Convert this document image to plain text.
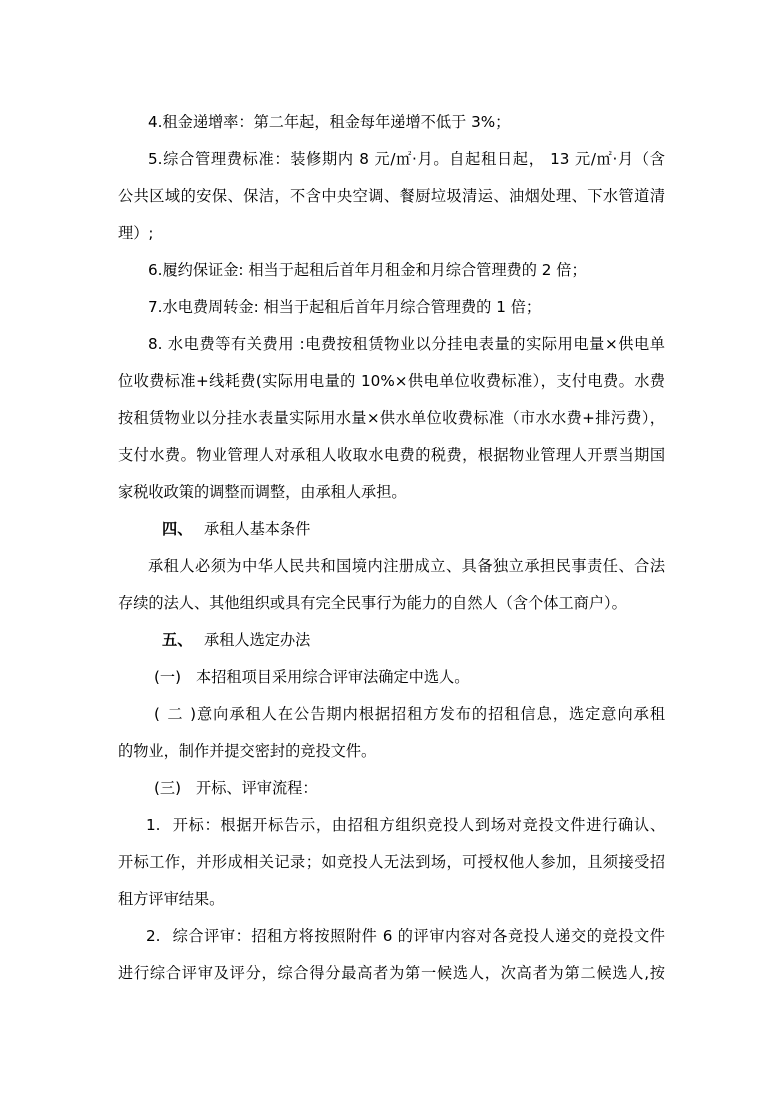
4.租金递增率：第二年起，租金每年递增不低于 3%；
5.综合管理费标准：装修期内 8 元/㎡·月。自起租日起， 13 元/㎡·月（含
公共区域的安保、保洁，不含中央空调、餐厨垃圾清运、油烟处理、下水管道清
理）;
6.履约保证金: 相当于起租后首年月租金和月综合管理费的 2 倍；
7.水电费周转金: 相当于起租后首年月综合管理费的 1 倍；
8. 水电费等有关费用 :电费按租赁物业以分挂电表量的实际用电量×供电单
位收费标准+线耗费(实际用电量的 10%×供电单位收费标准），支付电费。水费
按租赁物业以分挂水表量实际用水量×供水单位收费标准（市水水费+排污费），
支付水费。物业管理人对承租人收取水电费的税费，根据物业管理人开票当期国
家税收政策的调整而调整，由承租人承担。
四、 承租人基本条件
承租人必须为中华人民共和国境内注册成立、具备独立承担民事责任、合法
存续的法人、其他组织或具有完全民事行为能力的自然人（含个体工商户）。
五、 承租人选定办法
(一) 本招租项目采用综合评审法确定中选人。
(二)意向承租人在公告期内根据招租方发布的招租信息，选定意向承租
的物业，制作并提交密封的竞投文件。
(三) 开标、评审流程：
1. 开标：根据开标告示，由招租方组织竞投人到场对竞投文件进行确认、
开标工作，并形成相关记录；如竞投人无法到场，可授权他人参加，且须接受招
租方评审结果。
2. 综合评审：招租方将按照附件 6 的评审内容对各竞投人递交的竞投文件
进行综合评审及评分，综合得分最高者为第一候选人，次高者为第二候选人,按
